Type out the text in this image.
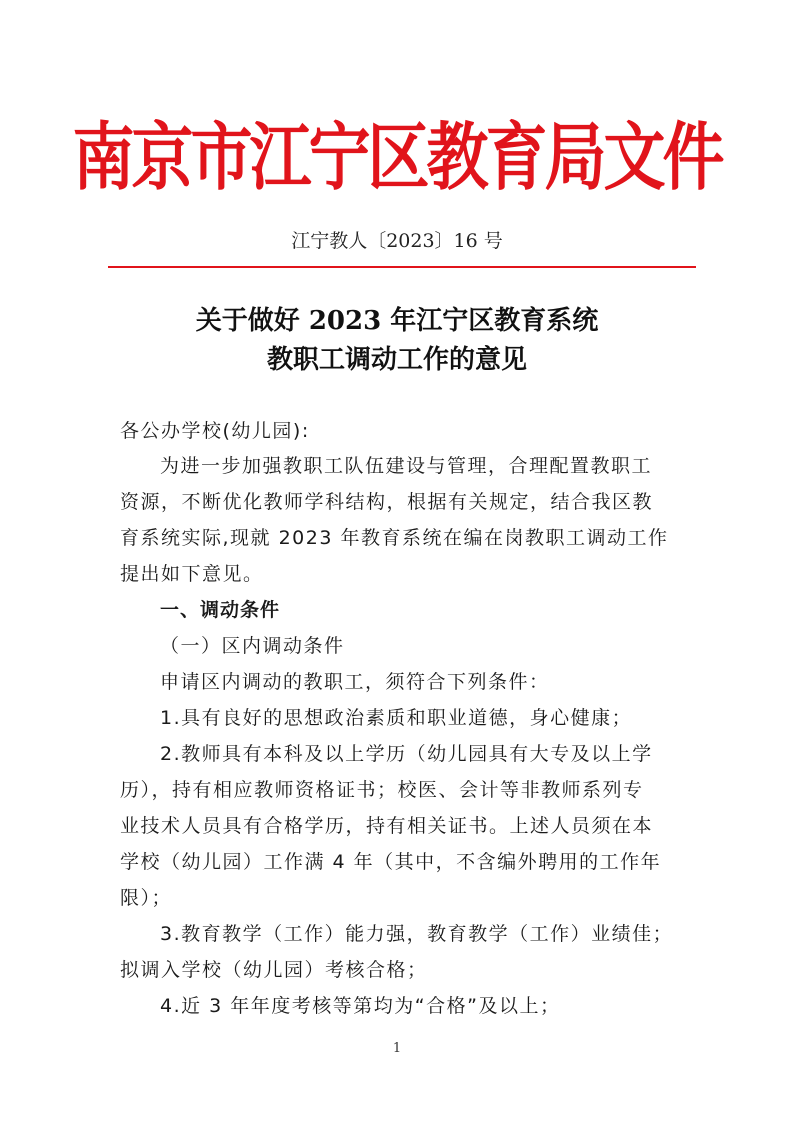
南京市江宁区教育局文件
江宁教人〔2023〕16 号
关于做好 2023 年江宁区教育系统
教职工调动工作的意见
各公办学校(幼儿园):
为进一步加强教职工队伍建设与管理，合理配置教职工
资源，不断优化教师学科结构，根据有关规定，结合我区教
育系统实际,现就 2023 年教育系统在编在岗教职工调动工作
提出如下意见。
一、调动条件
（一）区内调动条件
申请区内调动的教职工，须符合下列条件：
1.具有良好的思想政治素质和职业道德，身心健康；
2.教师具有本科及以上学历（幼儿园具有大专及以上学
历），持有相应教师资格证书；校医、会计等非教师系列专
业技术人员具有合格学历，持有相关证书。上述人员须在本
学校（幼儿园）工作满 4 年（其中，不含编外聘用的工作年
限）；
3.教育教学（工作）能力强，教育教学（工作）业绩佳；
拟调入学校（幼儿园）考核合格；
4.近 3 年年度考核等第均为“合格”及以上；
1
